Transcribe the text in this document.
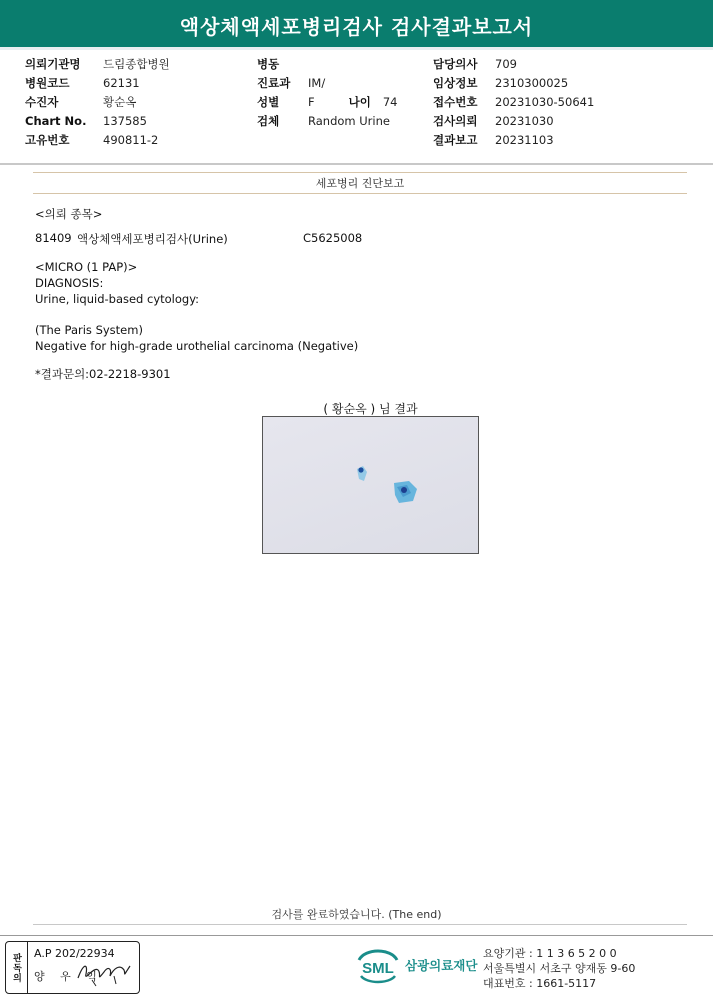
액상체액세포병리검사 검사결과보고서
의뢰기관명	드림종합병원
병원코드	62131
수진자	황순옥
Chart No.	137585
고유번호	490811-2
병동
진료과	IM/
성별	F	나이 74
검체	Random Urine
담당의사	709
임상정보	2310300025
접수번호	20231030-50641
검사의뢰	20231030
결과보고	20231103
세포병리 진단보고
<의뢰 종목>
81409 액상체액세포병리검사(Urine)	C5625008
<MICRO (1 PAP)>
DIAGNOSIS:
Urine, liquid-based cytology:
(The Paris System)
Negative for high-grade urothelial carcinoma (Negative)
*결과문의:02-2218-9301
( 황순옥 ) 님 결과
검사를 완료하였습니다. (The end)
판독의 A.P 202/22934
양 우 익	SML 삼광의료재단
요양기관 : 1 1 3 6 5 2 0 0
서울특별시 서초구 양재동 9-60
대표번호 : 1661-5117
